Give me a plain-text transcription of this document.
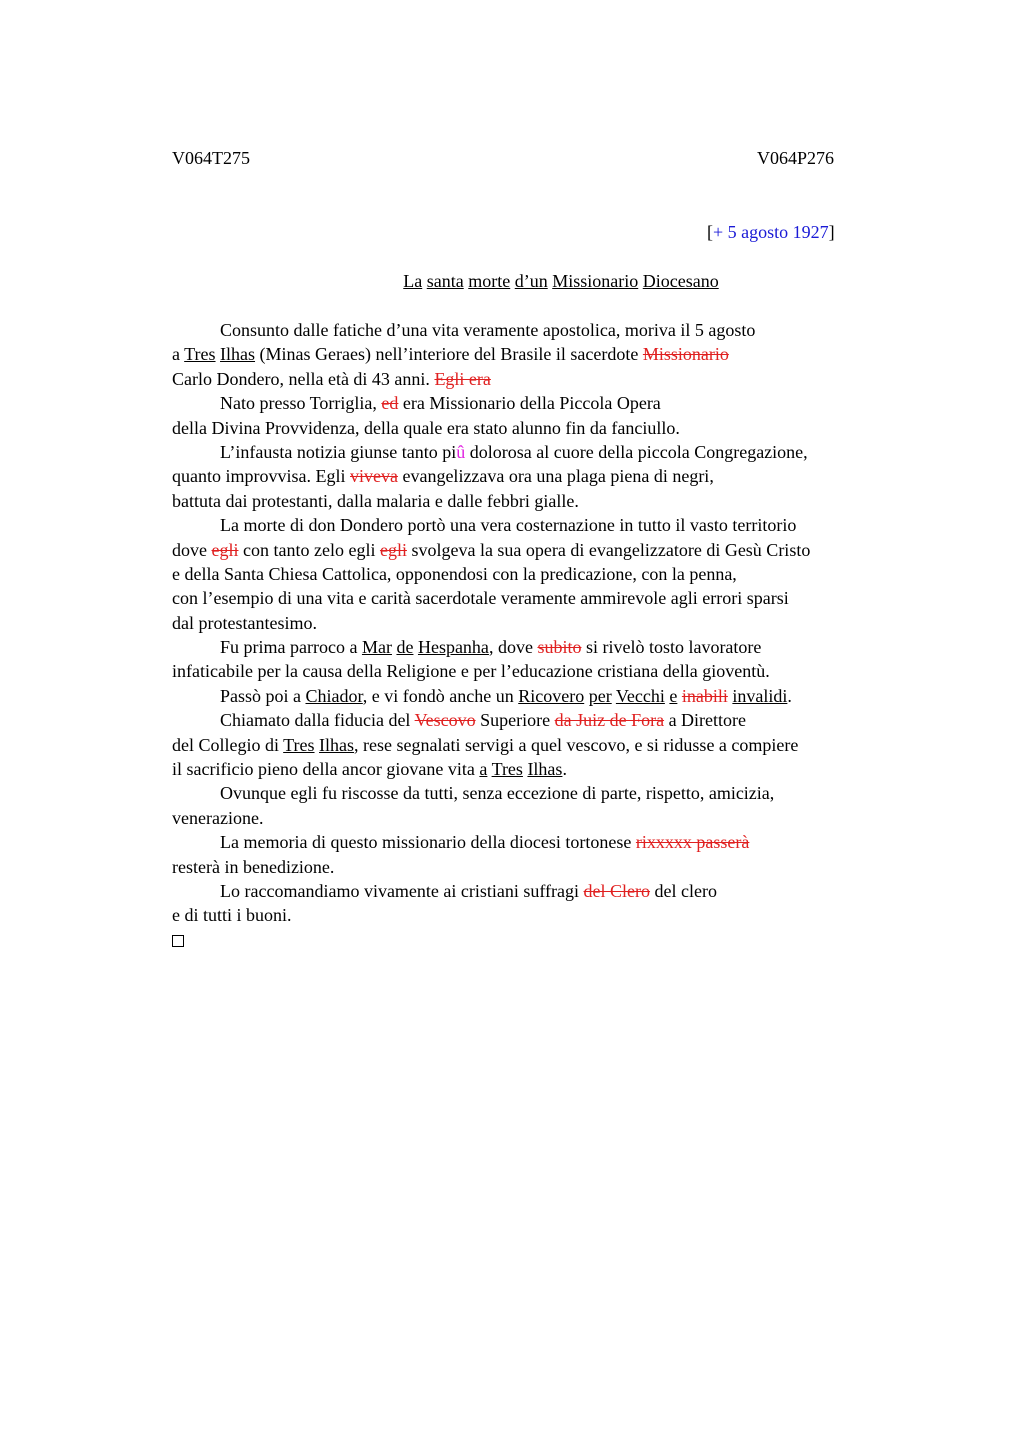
V064T275	V064P276
[+ 5 agosto 1927]
La santa morte d’un Missionario Diocesano
Consunto dalle fatiche d’una vita veramente apostolica, moriva il 5 agosto
a Tres Ilhas (Minas Geraes) nell’interiore del Brasile il sacerdote Missionario
Carlo Dondero, nella età di 43 anni. Egli era
Nato presso Torriglia, ed era Missionario della Piccola Opera
della Divina Provvidenza, della quale era stato alunno fin da fanciullo.
L’infausta notizia giunse tanto piû dolorosa al cuore della piccola Congregazione,
quanto improvvisa. Egli viveva evangelizzava ora una plaga piena di negri,
battuta dai protestanti, dalla malaria e dalle febbri gialle.
La morte di don Dondero portò una vera costernazione in tutto il vasto territorio
dove egli con tanto zelo egli egli svolgeva la sua opera di evangelizzatore di Gesù Cristo
e della Santa Chiesa Cattolica, opponendosi con la predicazione, con la penna,
con l’esempio di una vita e carità sacerdotale veramente ammirevole agli errori sparsi
dal protestantesimo.
Fu prima parroco a Mar de Hespanha, dove subito si rivelò tosto lavoratore
infaticabile per la causa della Religione e per l’educazione cristiana della gioventù.
Passò poi a Chiador, e vi fondò anche un Ricovero per Vecchi e inabili invalidi.
Chiamato dalla fiducia del Vescovo Superiore da Juiz de Fora a Direttore
del Collegio di Tres Ilhas, rese segnalati servigi a quel vescovo, e si ridusse a compiere
il sacrificio pieno della ancor giovane vita a Tres Ilhas.
Ovunque egli fu riscosse da tutti, senza eccezione di parte, rispetto, amicizia,
venerazione.
La memoria di questo missionario della diocesi tortonese rixxxxx passerà
resterà in benedizione.
Lo raccomandiamo vivamente ai cristiani suffragi del Clero del clero
e di tutti i buoni.
